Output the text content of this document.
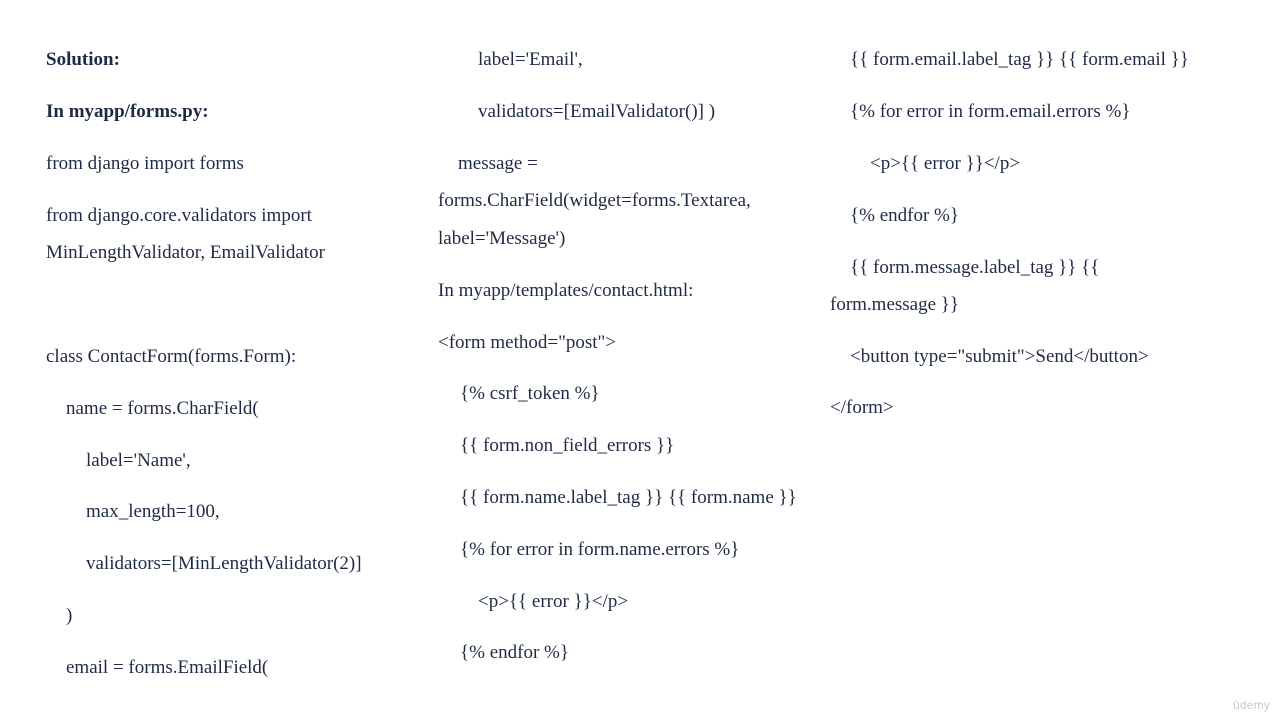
Solution:
In myapp/forms.py:
from django import forms
from django.core.validators import
MinLengthValidator, EmailValidator
class ContactForm(forms.Form):
name = forms.CharField(
label='Name',
max_length=100,
validators=[MinLengthValidator(2)]
)
email = forms.EmailField(
label='Email',
validators=[EmailValidator()] )
message =
forms.CharField(widget=forms.Textarea,
label='Message')
In myapp/templates/contact.html:
<form method="post">
{% csrf_token %}
{{ form.non_field_errors }}
{{ form.name.label_tag }} {{ form.name }}
{% for error in form.name.errors %}
<p>{{ error }}</p>
{% endfor %}
{{ form.email.label_tag }} {{ form.email }}
{% for error in form.email.errors %}
<p>{{ error }}</p>
{% endfor %}
{{ form.message.label_tag }} {{
form.message }}
<button type="submit">Send</button>
</form>
ûdemy
